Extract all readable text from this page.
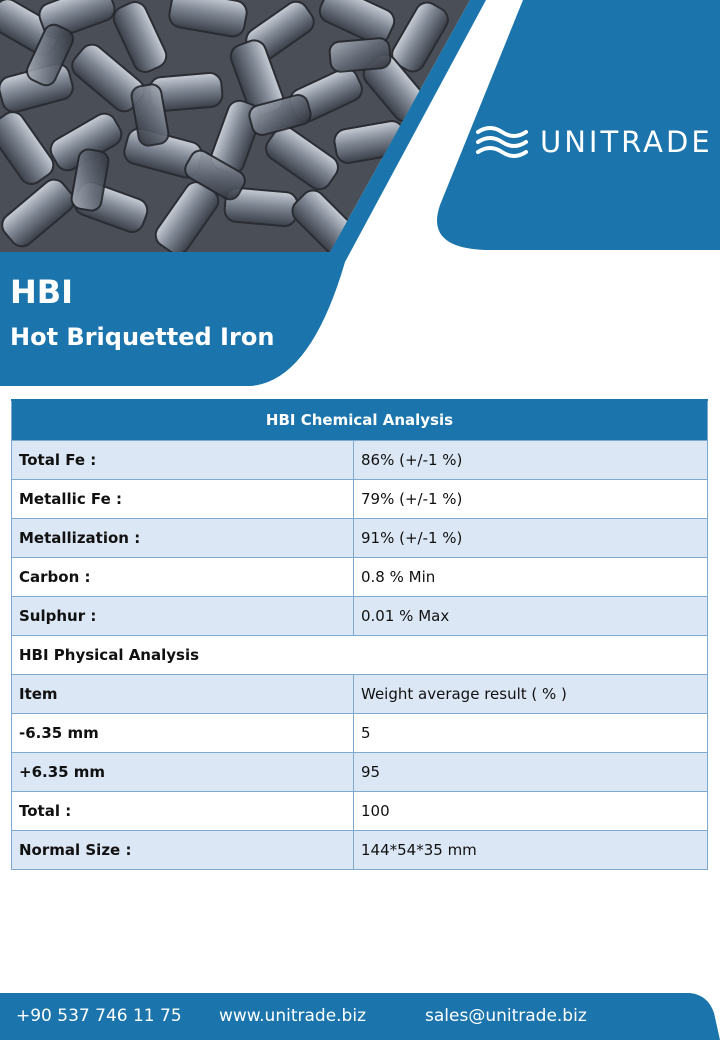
UNITRADE
HBI
Hot Briquetted Iron
HBI Chemical Analysis	
Total Fe :	86% (+/-1 %)
Metallic Fe :	79% (+/-1 %)
Metallization :	91% (+/-1 %)
Carbon :	0.8 % Min
Sulphur :	0.01 % Max
HBI Physical Analysis	
Item	Weight average result ( % )
-6.35 mm	5
+6.35 mm	95
Total :	100
Normal Size :	144*54*35 mm
+90 537 746 11 75 www.unitrade.biz	sales@unitrade.biz
